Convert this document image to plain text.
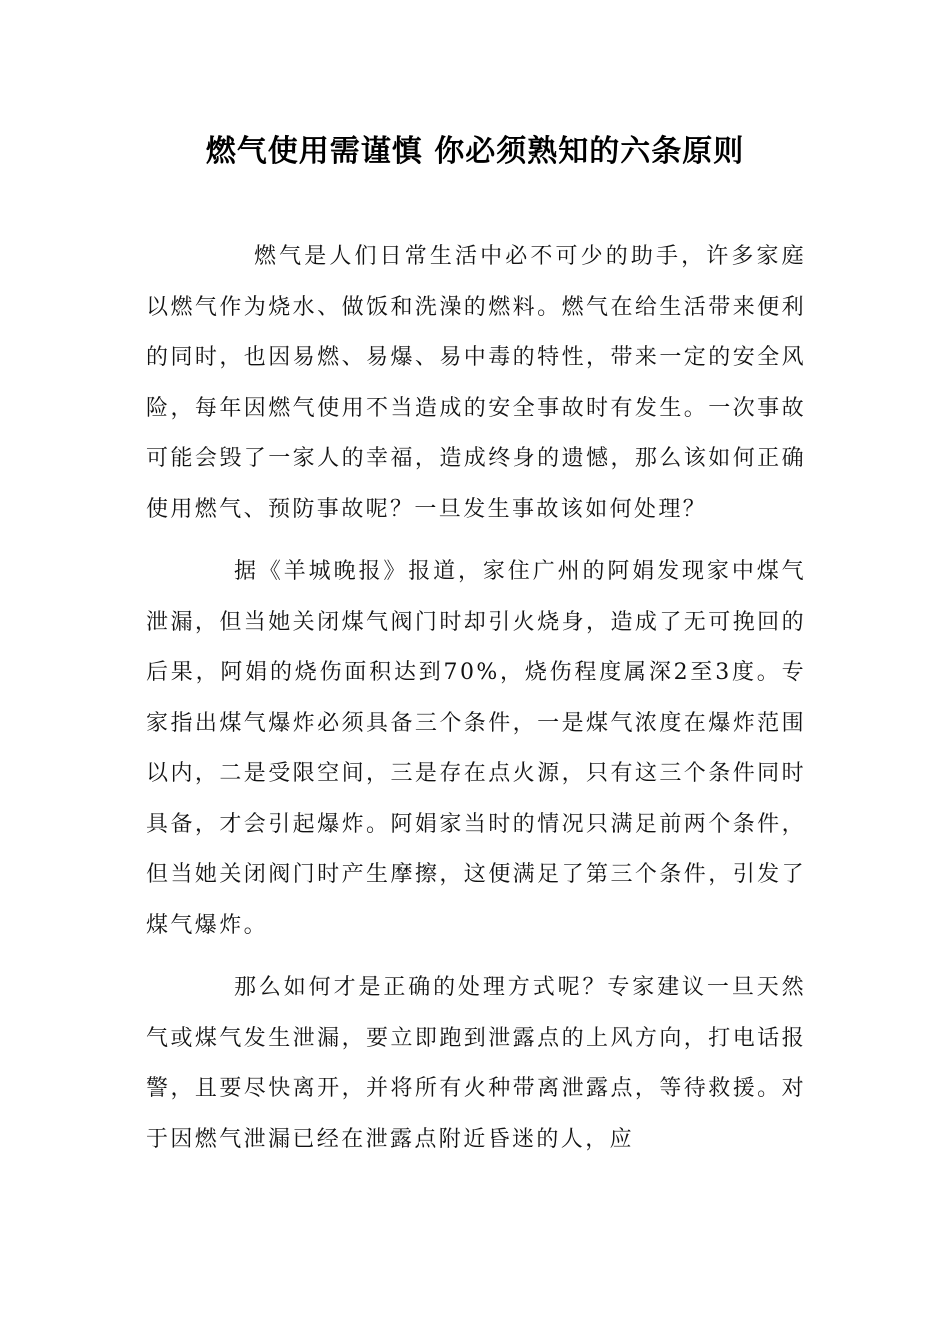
燃气使用需谨慎 你必须熟知的六条原则

燃气是人们日常生活中必不可少的助手，许多家庭以燃气作为烧水、做饭和洗澡的燃料。燃气在给生活带来便利的同时，也因易燃、易爆、易中毒的特性，带来一定的安全风险，每年因燃气使用不当造成的安全事故时有发生。一次事故可能会毁了一家人的幸福，造成终身的遗憾，那么该如何正确使用燃气、预防事故呢？一旦发生事故该如何处理？

据《羊城晚报》报道，家住广州的阿娟发现家中煤气泄漏，但当她关闭煤气阀门时却引火烧身，造成了无可挽回的后果，阿娟的烧伤面积达到70%，烧伤程度属深2至3度。专家指出煤气爆炸必须具备三个条件，一是煤气浓度在爆炸范围以内，二是受限空间，三是存在点火源，只有这三个条件同时具备，才会引起爆炸。阿娟家当时的情况只满足前两个条件，但当她关闭阀门时产生摩擦，这便满足了第三个条件，引发了煤气爆炸。

那么如何才是正确的处理方式呢？专家建议一旦天然气或煤气发生泄漏，要立即跑到泄露点的上风方向，打电话报警，且要尽快离开，并将所有火种带离泄露点，等待救援。对于因燃气泄漏已经在泄露点附近昏迷的人，应
